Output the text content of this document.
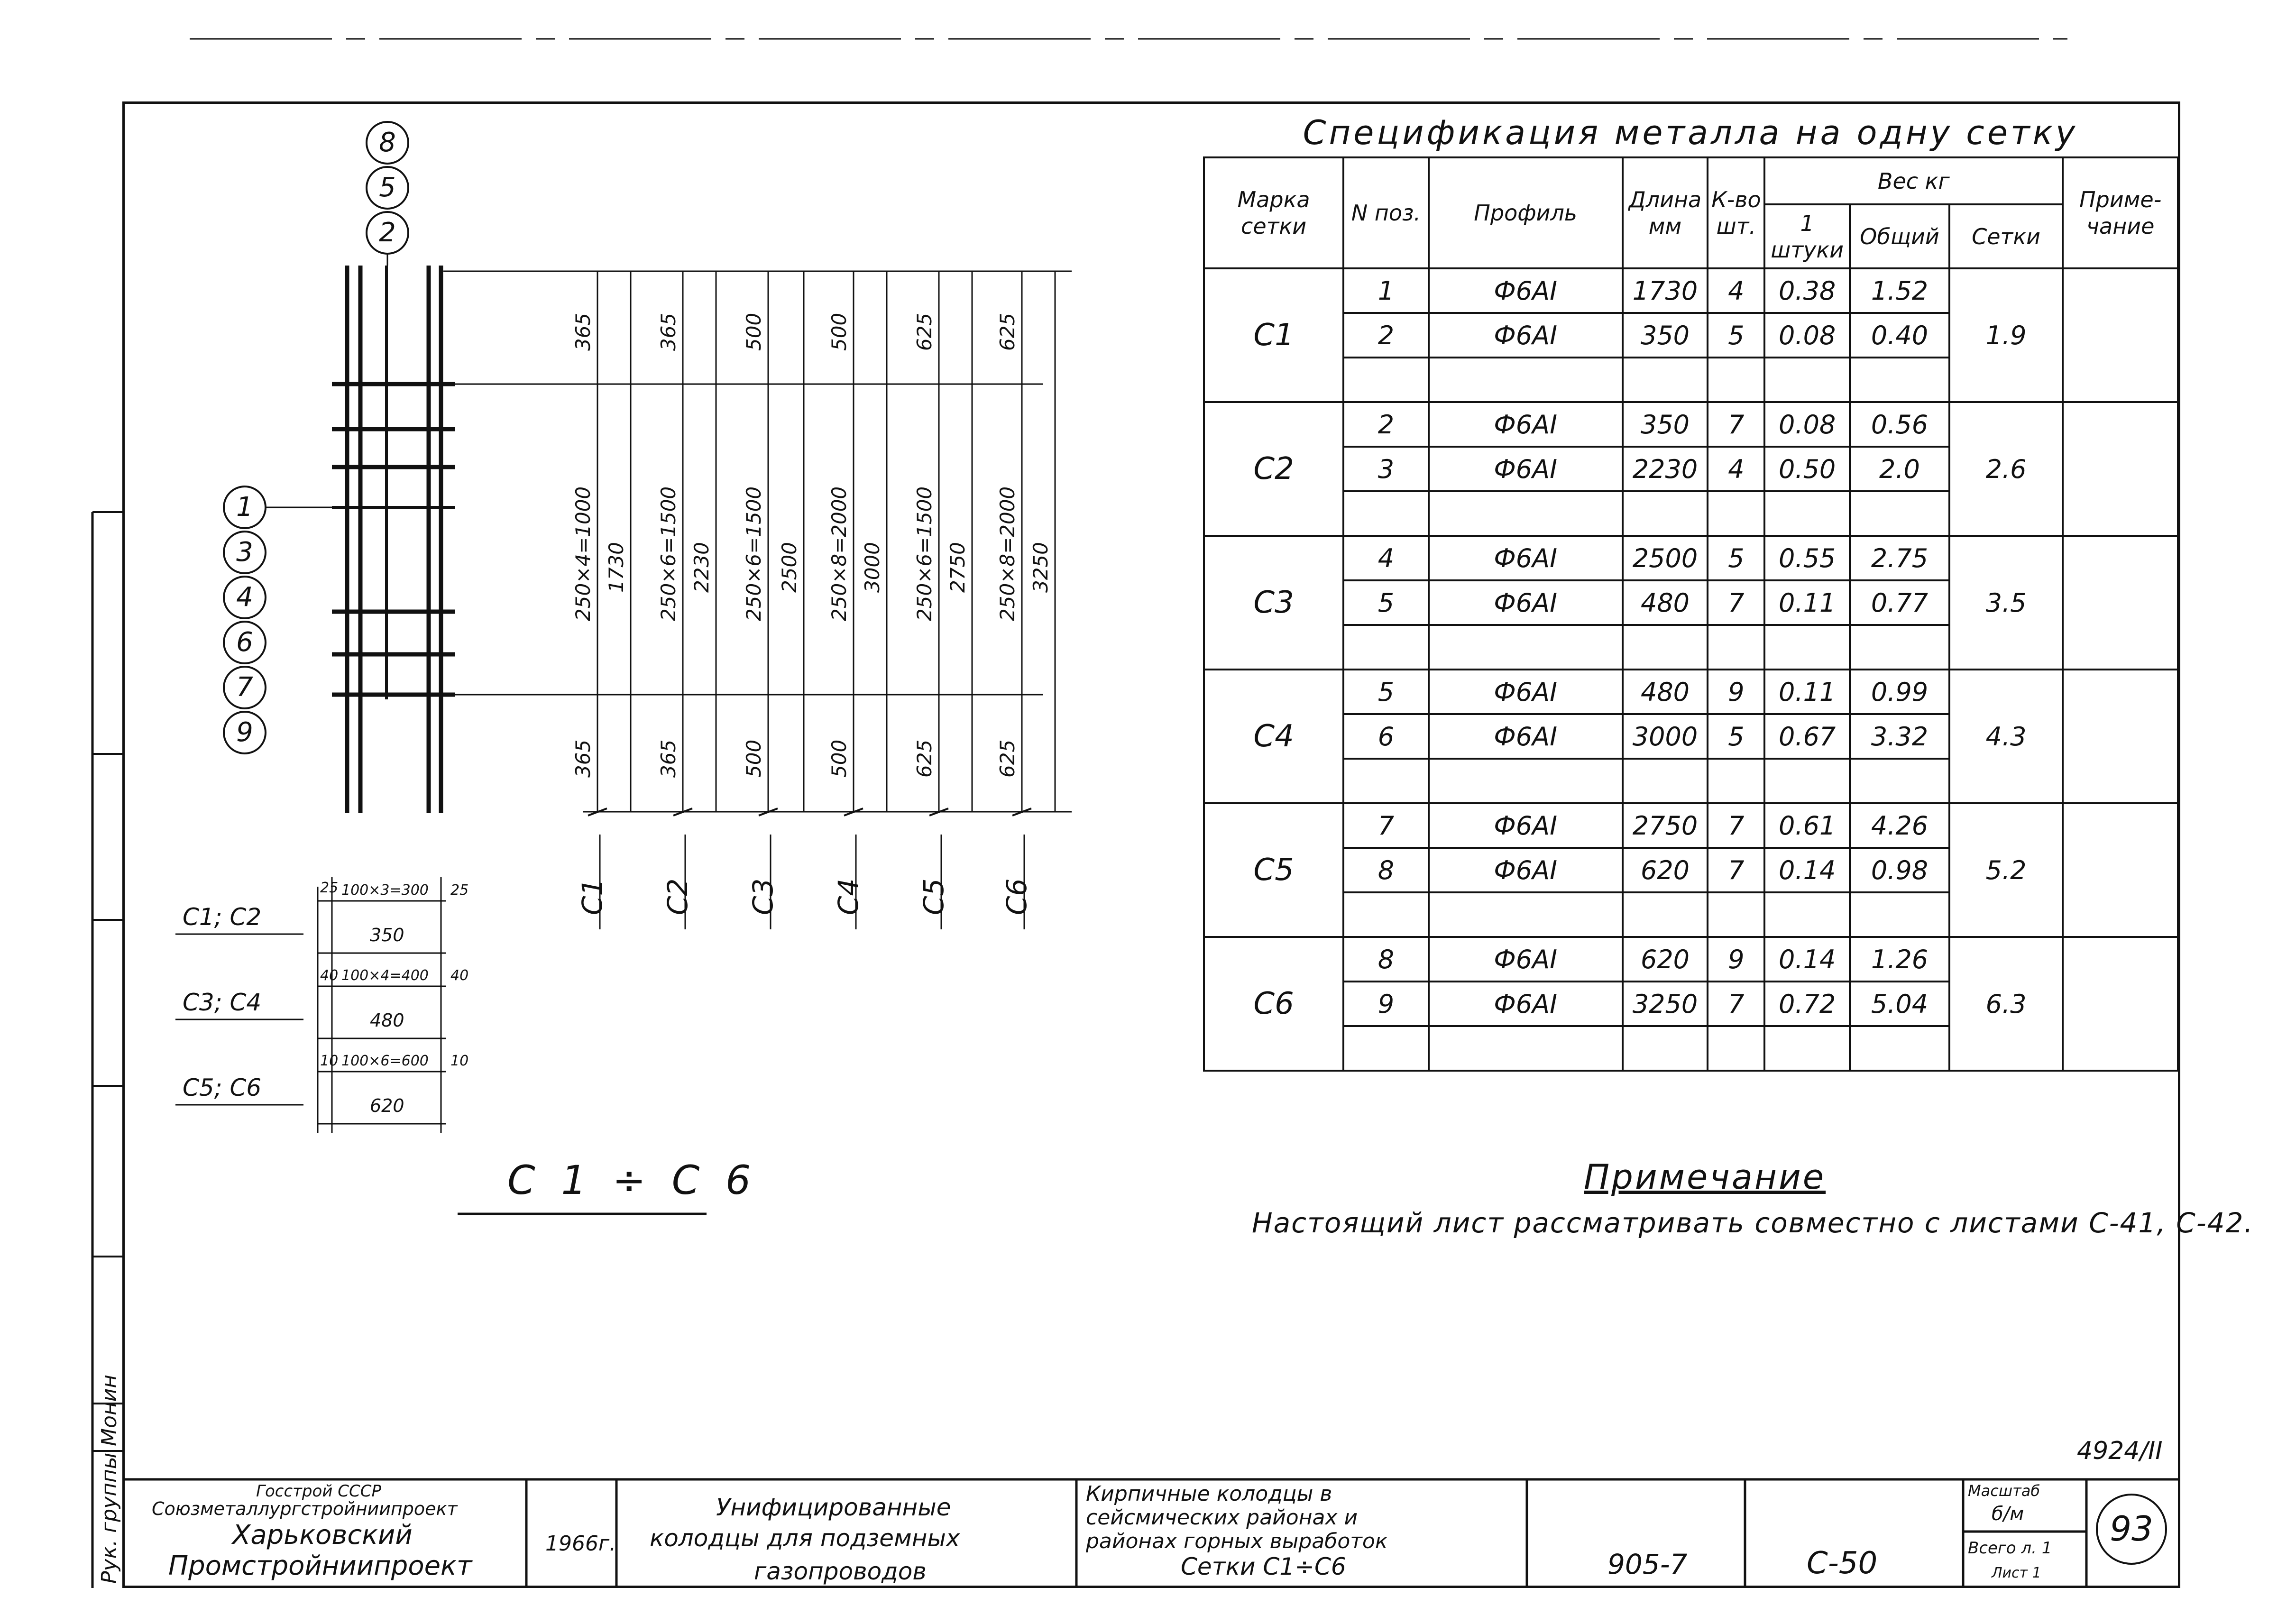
Спецификация металла на одну сетку
Марка сетки	N поз.	Профиль	Длина мм	К-во шт.	Вес кг			Приме-чание
					1 штуки	Общий	Сетки	
C1	1	Ф6АI	1730	4	0.38	1.52	1.9	
	2	Ф6АI	350	5	0.08	0.40		

C2	2	Ф6АI	350	7	0.08	0.56	2.6	
	3	Ф6АI	2230	4	0.50	2.0		

C3	4	Ф6АI	2500	5	0.55	2.75	3.5	
	5	Ф6АI	480	7	0.11	0.77		

C4	5	Ф6АI	480	9	0.11	0.99	4.3	
	6	Ф6АI	3000	5	0.67	3.32		

C5	7	Ф6АI	2750	7	0.61	4.26	5.2	
	8	Ф6АI	620	7	0.14	0.98		

C6	8	Ф6АI	620	9	0.14	1.26	6.3	
	9	Ф6АI	3250	7	0.72	5.04		

Примечание
Настоящий лист рассматривать совместно с листами С-41, С-42.
C 1 ÷ C 6
8
5
2
1
3
4
6
7
9
365	365	500	500	625	625
250×4=1000 1730 250×6=1500 2230 250×6=1500 2500 250×8=2000 3000 250×6=1500 2750 250×8=2000 3250
365	365	500	500	625	625
C1 C2 C3 C4 C5 C6
C1; C2
25 100×3=300 25
350
C3; C4
40 100×4=400 40
480
C5; C6
10 100×6=600 10
620
Рук. группы
Монин
Госстрой СССР
Союзметаллургстройниипроект
Харьковский
Промстройниипроект
1966г.
Унифицированные
колодцы для подземных
газопроводов
Кирпичные колодцы в
сейсмических районах и
районах горных выработок
Сетки С1÷С6	905-7	С-50
Масштаб
б/м
Всего л. 1
Лист 1
93
4924/II
